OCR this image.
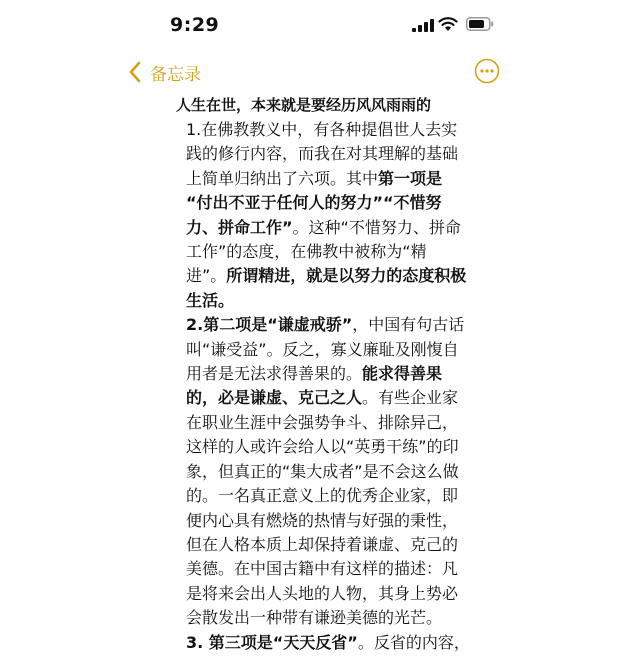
9:29
备忘录
人生在世，本来就是要经历风风雨雨的
1.在佛教教义中，有各种提倡世人去实
践的修行内容，而我在对其理解的基础
上简单归纳出了六项。其中第一项是
“付出不亚于任何人的努力”“不惜努
力、拼命工作”。这种“不惜努力、拼命
工作”的态度，在佛教中被称为“精
进”。所谓精进，就是以努力的态度积极
生活。
2.第二项是“谦虚戒骄”，中国有句古话
叫“谦受益”。反之，寡义廉耻及刚愎自
用者是无法求得善果的。能求得善果
的，必是谦虚、克己之人。有些企业家
在职业生涯中会强势争斗、排除异己，
这样的人或许会给人以“英勇干练”的印
象，但真正的“集大成者”是不会这么做
的。一名真正意义上的优秀企业家，即
便内心具有燃烧的热情与好强的秉性，
但在人格本质上却保持着谦虚、克己的
美德。在中国古籍中有这样的描述：凡
是将来会出人头地的人物，其身上势必
会散发出一种带有谦逊美德的光芒。
3. 第三项是“天天反省”。反省的内容，
